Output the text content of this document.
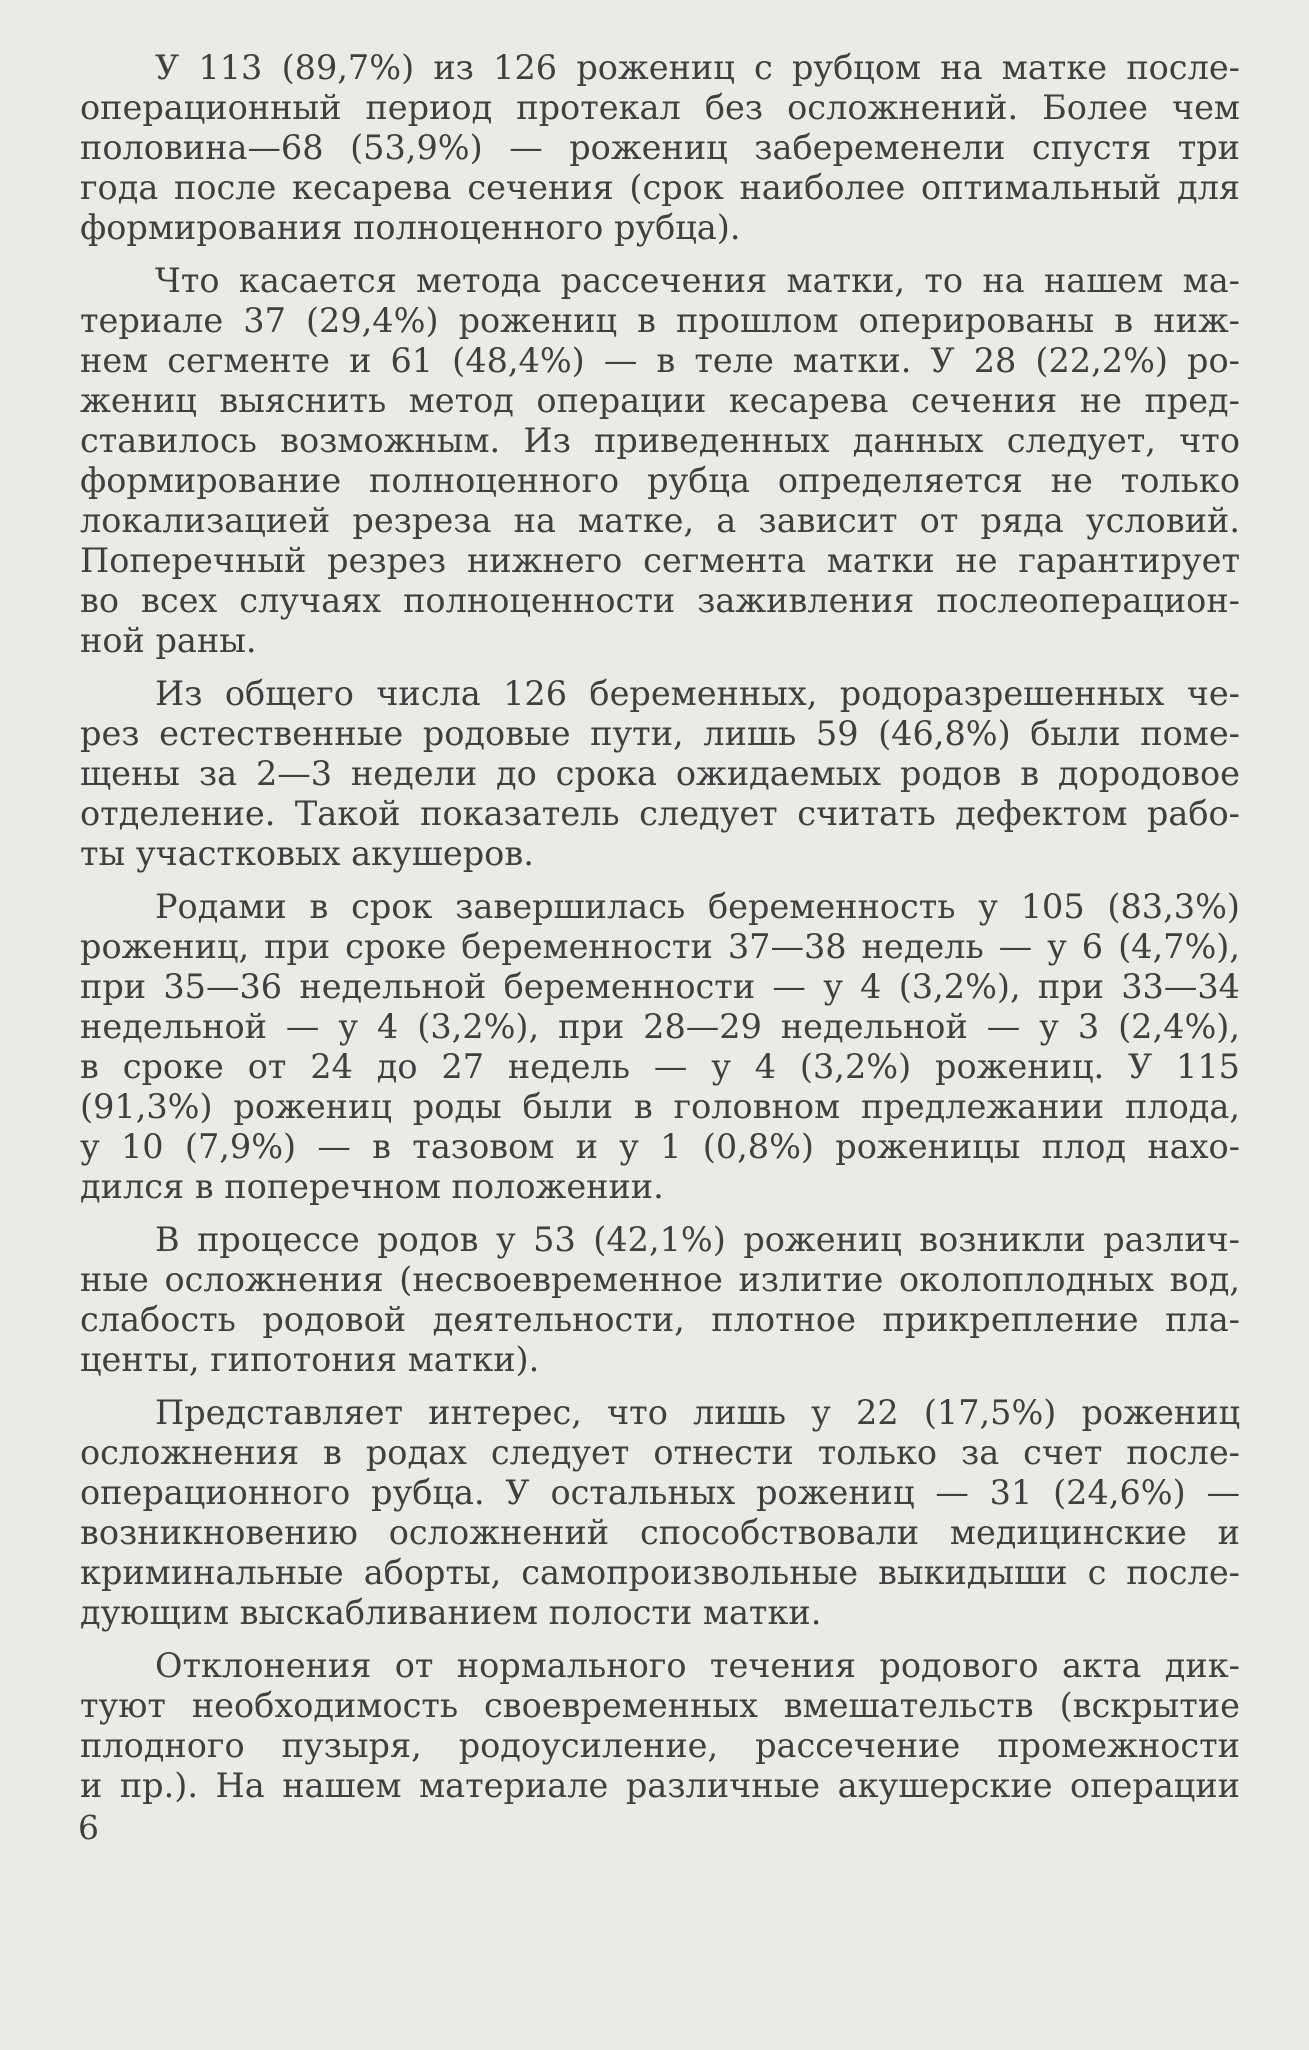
У 113 (89,7%) из 126 рожениц с рубцом на матке после-
операционный период протекал без осложнений. Более чем
половина—68 (53,9%) — рожениц забеременели спустя три
года после кесарева сечения (срок наиболее оптимальный для
формирования полноценного рубца).
Что касается метода рассечения матки, то на нашем ма-
териале 37 (29,4%) рожениц в прошлом оперированы в ниж-
нем сегменте и 61 (48,4%) — в теле матки. У 28 (22,2%) ро-
жениц выяснить метод операции кесарева сечения не пред-
ставилось возможным. Из приведенных данных следует, что
формирование полноценного рубца определяется не только
локализацией резреза на матке, а зависит от ряда условий.
Поперечный резрез нижнего сегмента матки не гарантирует
во всех случаях полноценности заживления послеоперацион-
ной раны.
Из общего числа 126 беременных, родоразрешенных че-
рез естественные родовые пути, лишь 59 (46,8%) были поме-
щены за 2—3 недели до срока ожидаемых родов в дородовое
отделение. Такой показатель следует считать дефектом рабо-
ты участковых акушеров.
Родами в срок завершилась беременность у 105 (83,3%)
рожениц, при сроке беременности 37—38 недель — у 6 (4,7%),
при 35—36 недельной беременности — у 4 (3,2%), при 33—34
недельной — у 4 (3,2%), при 28—29 недельной — у 3 (2,4%),
в сроке от 24 до 27 недель — у 4 (3,2%) рожениц. У 115
(91,3%) рожениц роды были в головном предлежании плода,
у 10 (7,9%) — в тазовом и у 1 (0,8%) роженицы плод нахо-
дился в поперечном положении.
В процессе родов у 53 (42,1%) рожениц возникли различ-
ные осложнения (несвоевременное излитие околоплодных вод,
слабость родовой деятельности, плотное прикрепление пла-
центы, гипотония матки).
Представляет интерес, что лишь у 22 (17,5%) рожениц
осложнения в родах следует отнести только за счет после-
операционного рубца. У остальных рожениц — 31 (24,6%) —
возникновению осложнений способствовали медицинские и
криминальные аборты, самопроизвольные выкидыши с после-
дующим выскабливанием полости матки.
Отклонения от нормального течения родового акта дик-
туют необходимость своевременных вмешательств (вскрытие
плодного пузыря, родоусиление, рассечение промежности
и пр.). На нашем материале различные акушерские операции
6
